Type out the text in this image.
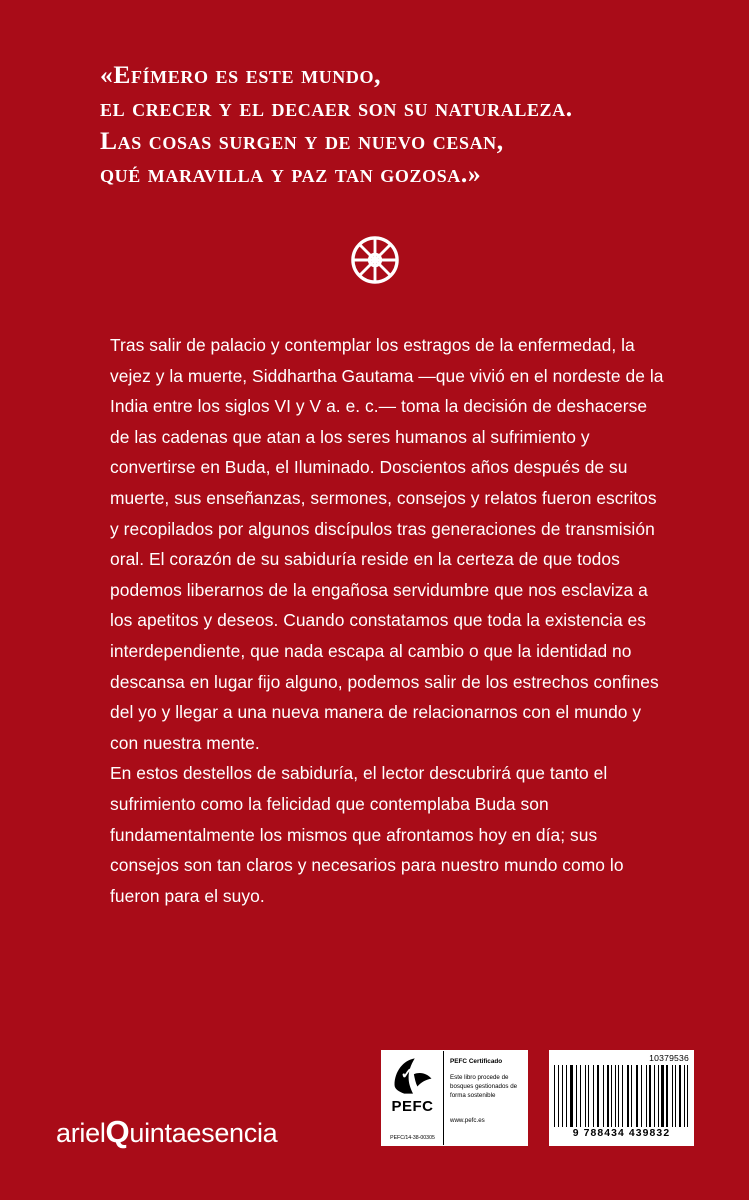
«Efímero es este mundo,
el crecer y el decaer son su naturaleza.
Las cosas surgen y de nuevo cesan,
qué maravilla y paz tan gozosa.»

Tras salir de palacio y contemplar los estragos de la enfermedad, la vejez y la muerte, Siddhartha Gautama —que vivió en el nordeste de la India entre los siglos VI y V a. e. c.— toma la decisión de deshacerse de las cadenas que atan a los seres humanos al sufrimiento y convertirse en Buda, el Iluminado. Doscientos años después de su muerte, sus enseñanzas, sermones, consejos y relatos fueron escritos y recopilados por algunos discípulos tras generaciones de transmisión oral. El corazón de su sabiduría reside en la certeza de que todos podemos liberarnos de la engañosa servidumbre que nos esclaviza a los apetitos y deseos. Cuando constatamos que toda la existencia es interdependiente, que nada escapa al cambio o que la identidad no descansa en lugar fijo alguno, podemos salir de los estrechos confines del yo y llegar a una nueva manera de relacionarnos con el mundo y con nuestra mente.

En estos destellos de sabiduría, el lector descubrirá que tanto el sufrimiento como la felicidad que contemplaba Buda son fundamentalmente los mismos que afrontamos hoy en día; sus consejos son tan claros y necesarios para nuestro mundo como lo fueron para el suyo.

arielQuintaesencia
✓
PEFC
PEFC/14-38-00305
PEFC Certificado
Este libro procede de bosques gestionados de forma sostenible
www.pefc.es
10379536
9 788434 439832
